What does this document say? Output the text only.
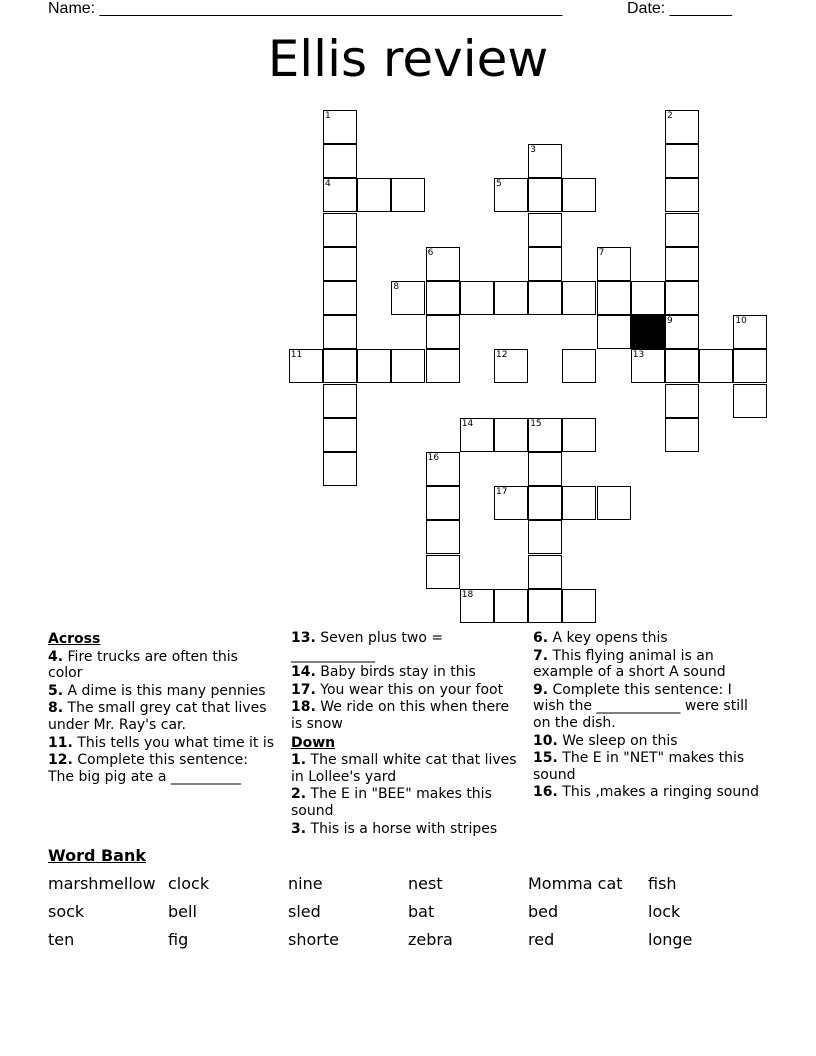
Name: ____________________________________________________	Date: _______
Ellis review
1
4
2
3
5
6	7
8
9	10
11	12	13
14	15
16
17
18
Across
4. Fire trucks are often this color
5. A dime is this many pennies
8. The small grey cat that lives under Mr. Ray's car.
11. This tells you what time it is
12. Complete this sentence: The big pig ate a __________
13. Seven plus two = ____________
14. Baby birds stay in this
17. You wear this on your foot
18. We ride on this when there is snow
Down
1. The small white cat that lives in Lollee's yard
2. The E in "BEE" makes this sound
3. This is a horse with stripes
6. A key opens this
7. This flying animal is an example of a short A sound
9. Complete this sentence: I wish the ____________ were still on the dish.
10. We sleep on this
15. The E in "NET" makes this sound
16. This ,makes a ringing sound
Word Bank
marshmellow clock	nine	nest	Momma cat fish
sock	bell	sled	bat	bed	lock
ten	fig	shorte	zebra	red	longe
